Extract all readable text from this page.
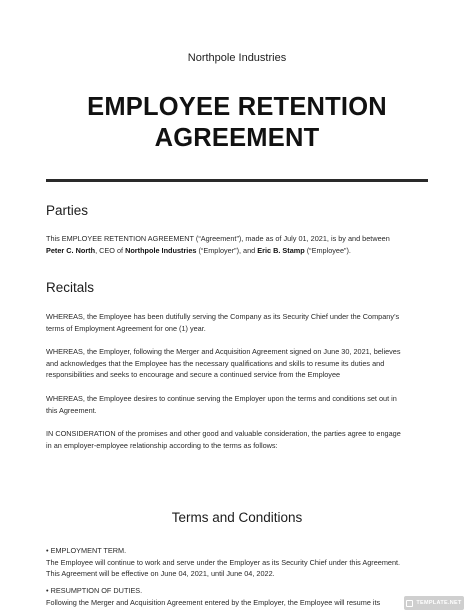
Northpole Industries
EMPLOYEE RETENTION
AGREEMENT
Parties
This EMPLOYEE RETENTION AGREEMENT (“Agreement”), made as of July 01, 2021, is by and between
Peter C. North, CEO of Northpole Industries (“Employer”), and Eric B. Stamp (“Employee”).
Recitals
WHEREAS, the Employee has been dutifully serving the Company as its Security Chief under the Company’s
terms of Employment Agreement for one (1) year.
WHEREAS, the Employer, following the Merger and Acquisition Agreement signed on June 30, 2021, believes
and acknowledges that the Employee has the necessary qualifications and skills to resume its duties and
responsibilities and seeks to encourage and secure a continued service from the Employee
WHEREAS, the Employee desires to continue serving the Employer upon the terms and conditions set out in
this Agreement.
IN CONSIDERATION of the promises and other good and valuable consideration, the parties agree to engage
in an employer-employee relationship according to the terms as follows:
Terms and Conditions
• EMPLOYMENT TERM.
The Employee will continue to work and serve under the Employer as its Security Chief under this Agreement.
This Agreement will be effective on June 04, 2021, until June 04, 2022.
• RESUMPTION OF DUTIES.
Following the Merger and Acquisition Agreement entered by the Employer, the Employee will resume its	TEMPLATE.NET
